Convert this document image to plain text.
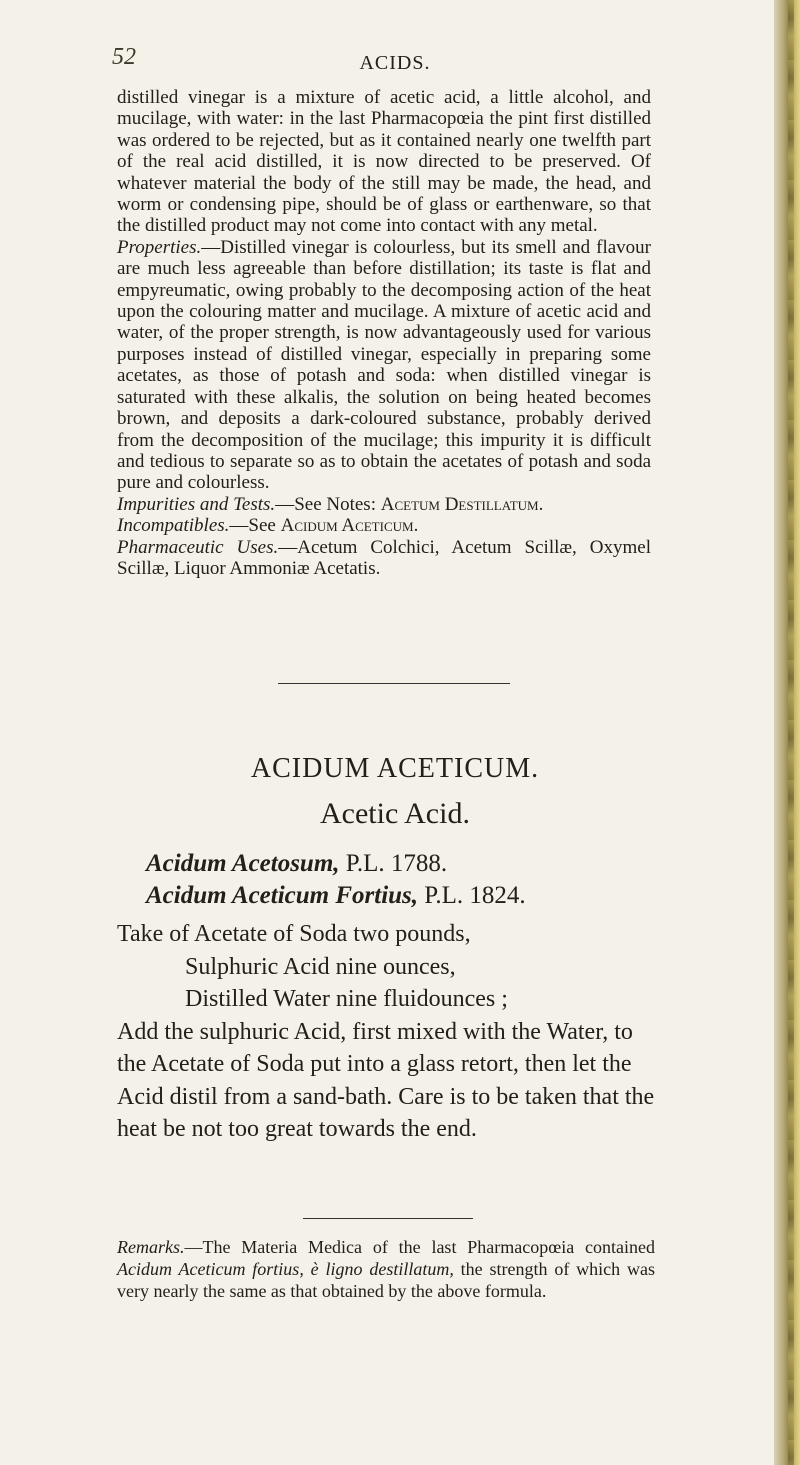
52	ACIDS.

distilled vinegar is a mixture of acetic acid, a little alcohol, and mucilage, with water: in the last Pharmacopœia the pint first distilled was ordered to be rejected, but as it contained nearly one twelfth part of the real acid distilled, it is now directed to be preserved. Of whatever material the body of the still may be made, the head, and worm or condensing pipe, should be of glass or earthenware, so that the distilled product may not come into contact with any metal.

Properties.—Distilled vinegar is colourless, but its smell and flavour are much less agreeable than before distillation; its taste is flat and empyreumatic, owing probably to the decomposing action of the heat upon the colouring matter and mucilage. A mixture of acetic acid and water, of the proper strength, is now advantageously used for various purposes instead of distilled vinegar, especially in preparing some acetates, as those of potash and soda: when distilled vinegar is saturated with these alkalis, the solution on being heated becomes brown, and deposits a dark-coloured substance, probably derived from the decomposition of the mucilage; this impurity it is difficult and tedious to separate so as to obtain the acetates of potash and soda pure and colourless.

Impurities and Tests.—See Notes: Acetum Destillatum.

Incompatibles.—See Acidum Aceticum.

Pharmaceutic Uses.—Acetum Colchici, Acetum Scillæ, Oxymel Scillæ, Liquor Ammoniæ Acetatis.

ACIDUM ACETICUM.
Acetic Acid.
Acidum Acetosum, P.L. 1788.
Acidum Aceticum Fortius, P.L. 1824.

Take of Acetate of Soda two pounds,

Sulphuric Acid nine ounces,

Distilled Water nine fluidounces ;

Add the sulphuric Acid, first mixed with the Water, to the Acetate of Soda put into a glass retort, then let the Acid distil from a sand-bath. Care is to be taken that the heat be not too great towards the end.

Remarks.—The Materia Medica of the last Pharmacopœia contained Acidum Aceticum fortius, è ligno destillatum, the strength of which was very nearly the same as that obtained by the above formula.
